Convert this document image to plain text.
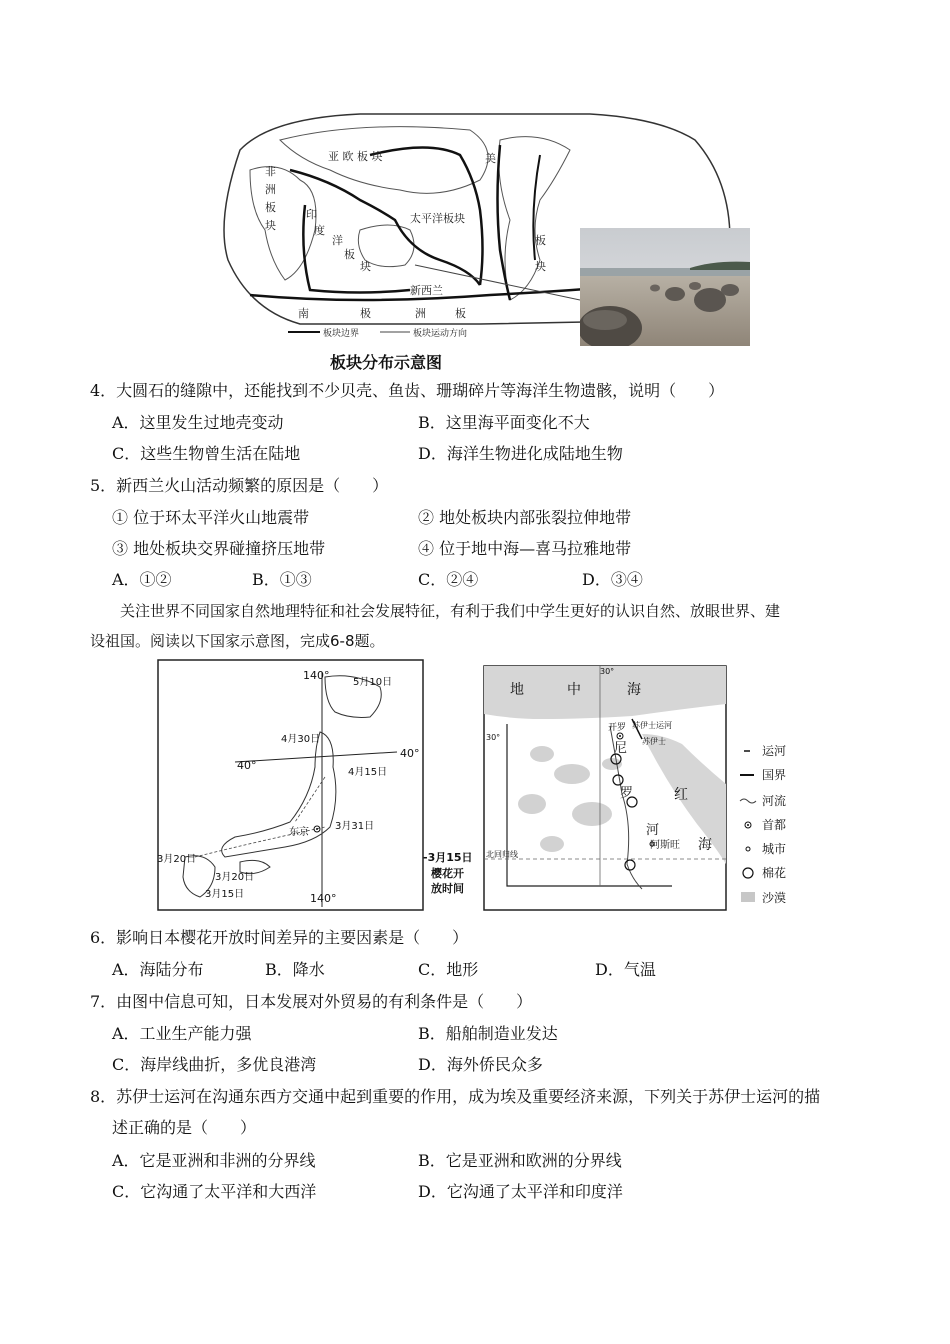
亚 欧 板 块	美
非
洲
板
块
印
度
洋
板
块
太平洋板块
板
块
新西兰
南	极	洲	板
板块边界	板块运动方向
板块分布示意图
4．大圆石的缝隙中，还能找到不少贝壳、鱼齿、珊瑚碎片等海洋生物遗骸，说明（　　）
A．这里发生过地壳变动	B．这里海平面变化不大
C．这些生物曾生活在陆地	D．海洋生物进化成陆地生物
5．新西兰火山活动频繁的原因是（　　）
① 位于环太平洋火山地震带	② 地处板块内部张裂拉伸地带
③ 地处板块交界碰撞挤压地带	④ 位于地中海—喜马拉雅地带
A．①②	B．①③	C．②④	D．③④
关注世界不同国家自然地理特征和社会发展特征，有利于我们中学生更好的认识自然、放眼世界、建
设祖国。阅读以下国家示意图，完成6-8题。
140°
140°
40°
40°
5月10日
4月30日
4月15日
3月31日
东京
3月20日
3月20日
3月15日
-3月15日
樱花开
放时间
30°
30°
地	中	海
开罗 苏伊士运河
苏伊士
尼
罗
河
红
海
阿斯旺
北回归线
运河
国界
河流
首都
城市
棉花
沙漠
6．影响日本樱花开放时间差异的主要因素是（　　）
A．海陆分布	B．降水	C．地形	D．气温
7．由图中信息可知，日本发展对外贸易的有利条件是（　　）
A．工业生产能力强	B．船舶制造业发达
C．海岸线曲折，多优良港湾	D．海外侨民众多
8．苏伊士运河在沟通东西方交通中起到重要的作用，成为埃及重要经济来源，下列关于苏伊士运河的描
述正确的是（　　）
A．它是亚洲和非洲的分界线	B．它是亚洲和欧洲的分界线
C．它沟通了太平洋和大西洋	D．它沟通了太平洋和印度洋
